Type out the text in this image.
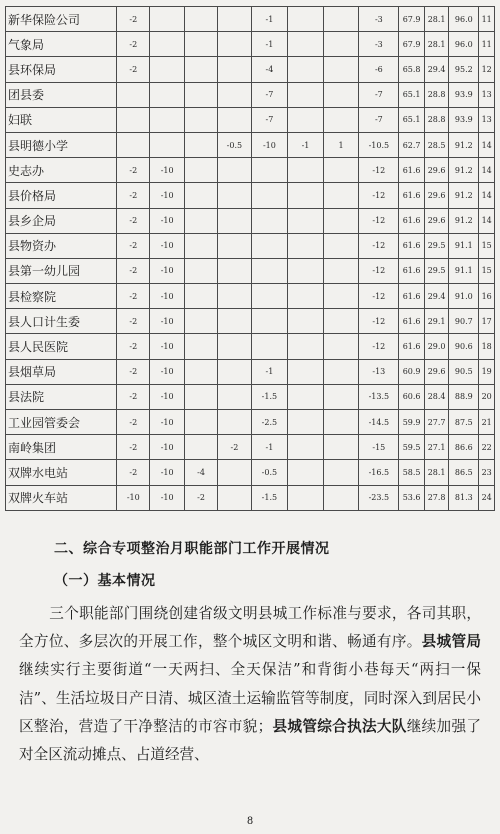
新华保险公司	-2				-1			-3	67.9	28.1	96.0	11
气象局	-2				-1			-3	67.9	28.1	96.0	11
县环保局	-2				-4			-6	65.8	29.4	95.2	12
团县委					-7			-7	65.1	28.8	93.9	13
妇联					-7			-7	65.1	28.8	93.9	13
县明德小学				-0.5	-10	-1	1	-10.5	62.7	28.5	91.2	14
史志办	-2	-10						-12	61.6	29.6	91.2	14
县价格局	-2	-10						-12	61.6	29.6	91.2	14
县乡企局	-2	-10						-12	61.6	29.6	91.2	14
县物资办	-2	-10						-12	61.6	29.5	91.1	15
县第一幼儿园	-2	-10						-12	61.6	29.5	91.1	15
县检察院	-2	-10						-12	61.6	29.4	91.0	16
县人口计生委	-2	-10						-12	61.6	29.1	90.7	17
县人民医院	-2	-10						-12	61.6	29.0	90.6	18
县烟草局	-2	-10			-1			-13	60.9	29.6	90.5	19
县法院	-2	-10			-1.5			-13.5	60.6	28.4	88.9	20
工业园管委会	-2	-10			-2.5			-14.5	59.9	27.7	87.5	21
南岭集团	-2	-10		-2	-1			-15	59.5	27.1	86.6	22
双牌水电站	-2	-10	-4		-0.5			-16.5	58.5	28.1	86.5	23
双牌火车站	-10	-10	-2		-1.5			-23.5	53.6	27.8	81.3	24
二、综合专项整治月职能部门工作开展情况
（一）基本情况

三个职能部门围绕创建省级文明县城工作标准与要求，各司其职，全方位、多层次的开展工作，整个城区文明和谐、畅通有序。县城管局继续实行主要街道“一天两扫、全天保洁”和背街小巷每天“两扫一保洁”、生活垃圾日产日清、城区渣土运输监管等制度，同时深入到居民小区整治，营造了干净整洁的市容市貌；县城管综合执法大队继续加强了对全区流动摊点、占道经营、

8
